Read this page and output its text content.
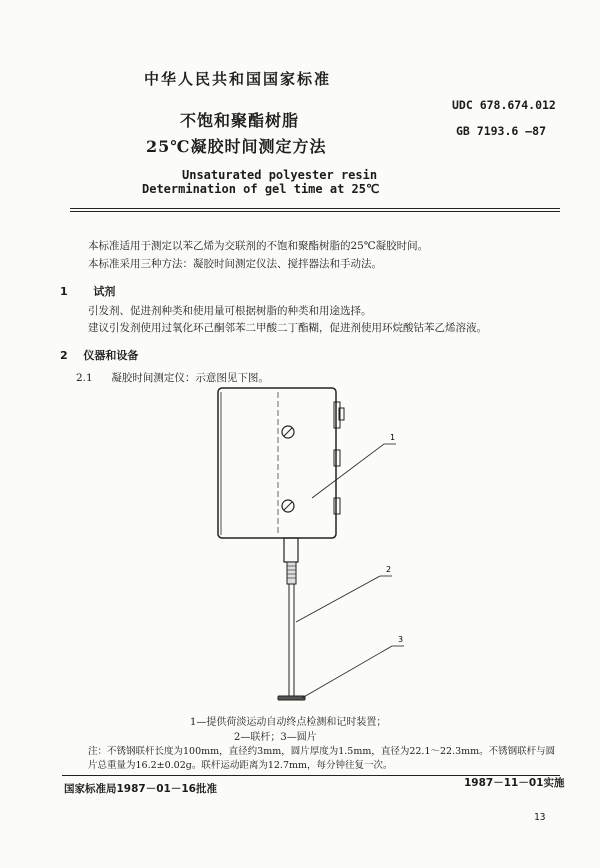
中华人民共和国国家标准
UDC 678.674.012
GB 7193.6 —87
不饱和聚酯树脂
25℃凝胶时间测定方法
Unsaturated polyester resin
Determination of gel time at 25℃
本标准适用于测定以苯乙烯为交联剂的不饱和聚酯树脂的25℃凝胶时间。
本标准采用三种方法：凝胶时间测定仪法、搅拌器法和手动法。
1 试剂
引发剂、促进剂种类和使用量可根据树脂的种类和用途选择。
建议引发剂使用过氧化环己酮邻苯二甲酸二丁酯糊，促进剂使用环烷酸钴苯乙烯溶液。
2 仪器和设备
2.1 凝胶时间测定仪：示意图见下图。
1
2
3
1—提供荷淡运动自动终点检测和记时装置；
2—联杆；3—圆片
注：不锈钢联杆长度为100mm，直径约3mm，圆片厚度为1.5mm，直径为22.1～22.3mm。不锈钢联杆与圆
片总重量为16.2±0.02g。联杆运动距离为12.7mm，每分钟往复一次。
国家标准局1987－01－16批准	1987－11－01实施
13
